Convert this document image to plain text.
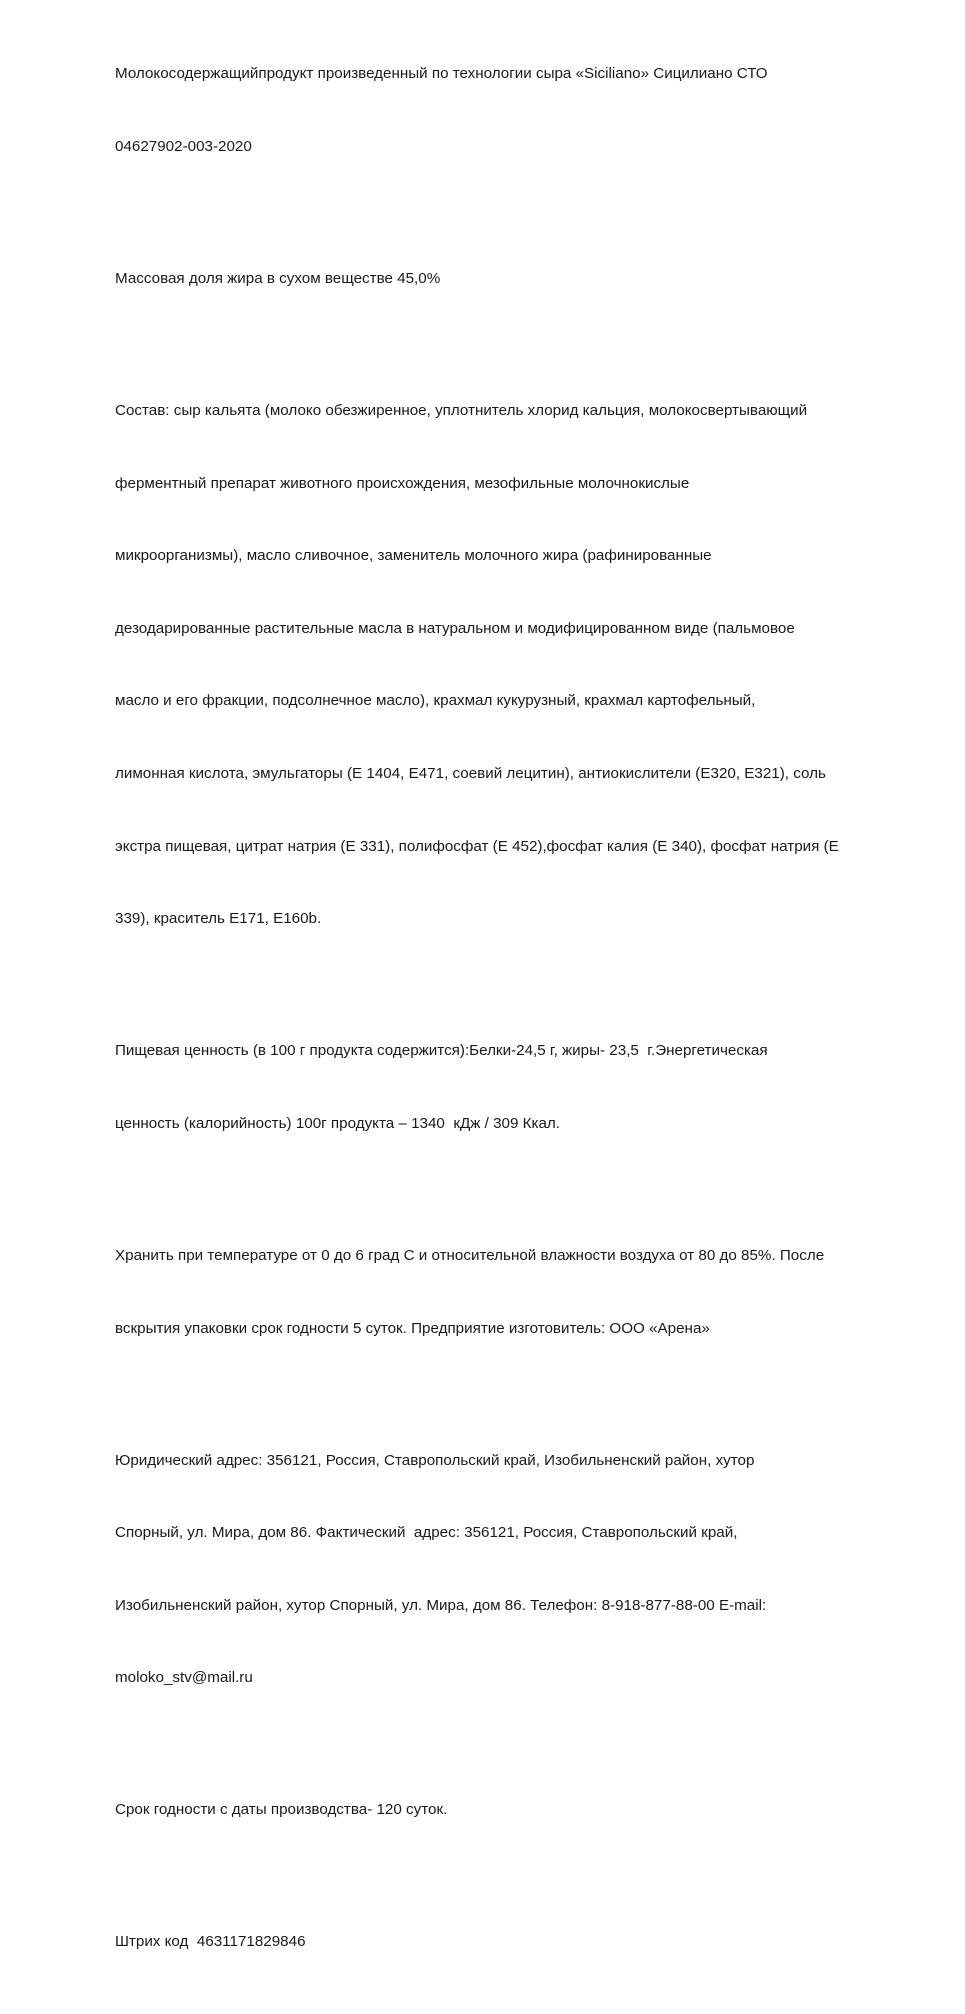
Молокосодержащийпродукт произведенный по технологии сыра «Siciliano» Сицилиано СТО

04627902-003-2020

Массовая доля жира в сухом веществе 45,0%

Состав: сыр кальята (молоко обезжиренное, уплотнитель хлорид кальция, молокосвертывающий

ферментный препарат животного происхождения, мезофильные молочнокислые

микроорганизмы), масло сливочное, заменитель молочного жира (рафинированные

дезодарированные растительные масла в натуральном и модифицированном виде (пальмовое

масло и его фракции, подсолнечное масло), крахмал кукурузный, крахмал картофельный,

лимонная кислота, эмульгаторы (Е 1404, Е471, соевий лецитин), антиокислители (Е320, Е321), соль

экстра пищевая, цитрат натрия (Е 331), полифосфат (Е 452),фосфат калия (Е 340), фосфат натрия (Е

339), краситель Е171, Е160b.

Пищевая ценность (в 100 г продукта содержится):Белки-24,5 г, жиры- 23,5  г.Энергетическая

ценность (калорийность) 100г продукта – 1340  кДж / 309 Ккал.

Хранить при температуре от 0 до 6 град С и относительной влажности воздуха от 80 до 85%. После

вскрытия упаковки срок годности 5 суток. Предприятие изготовитель: ООО «Арена»

Юридический адрес: 356121, Россия, Ставропольский край, Изобильненский район, хутор

Спорный, ул. Мира, дом 86. Фактический  адрес: 356121, Россия, Ставропольский край,

Изобильненский район, хутор Спорный, ул. Мира, дом 86. Телефон: 8-918-877-88-00 E-mail:

moloko_stv@mail.ru

Срок годности с даты производства- 120 суток.

Штрих код  4631171829846
